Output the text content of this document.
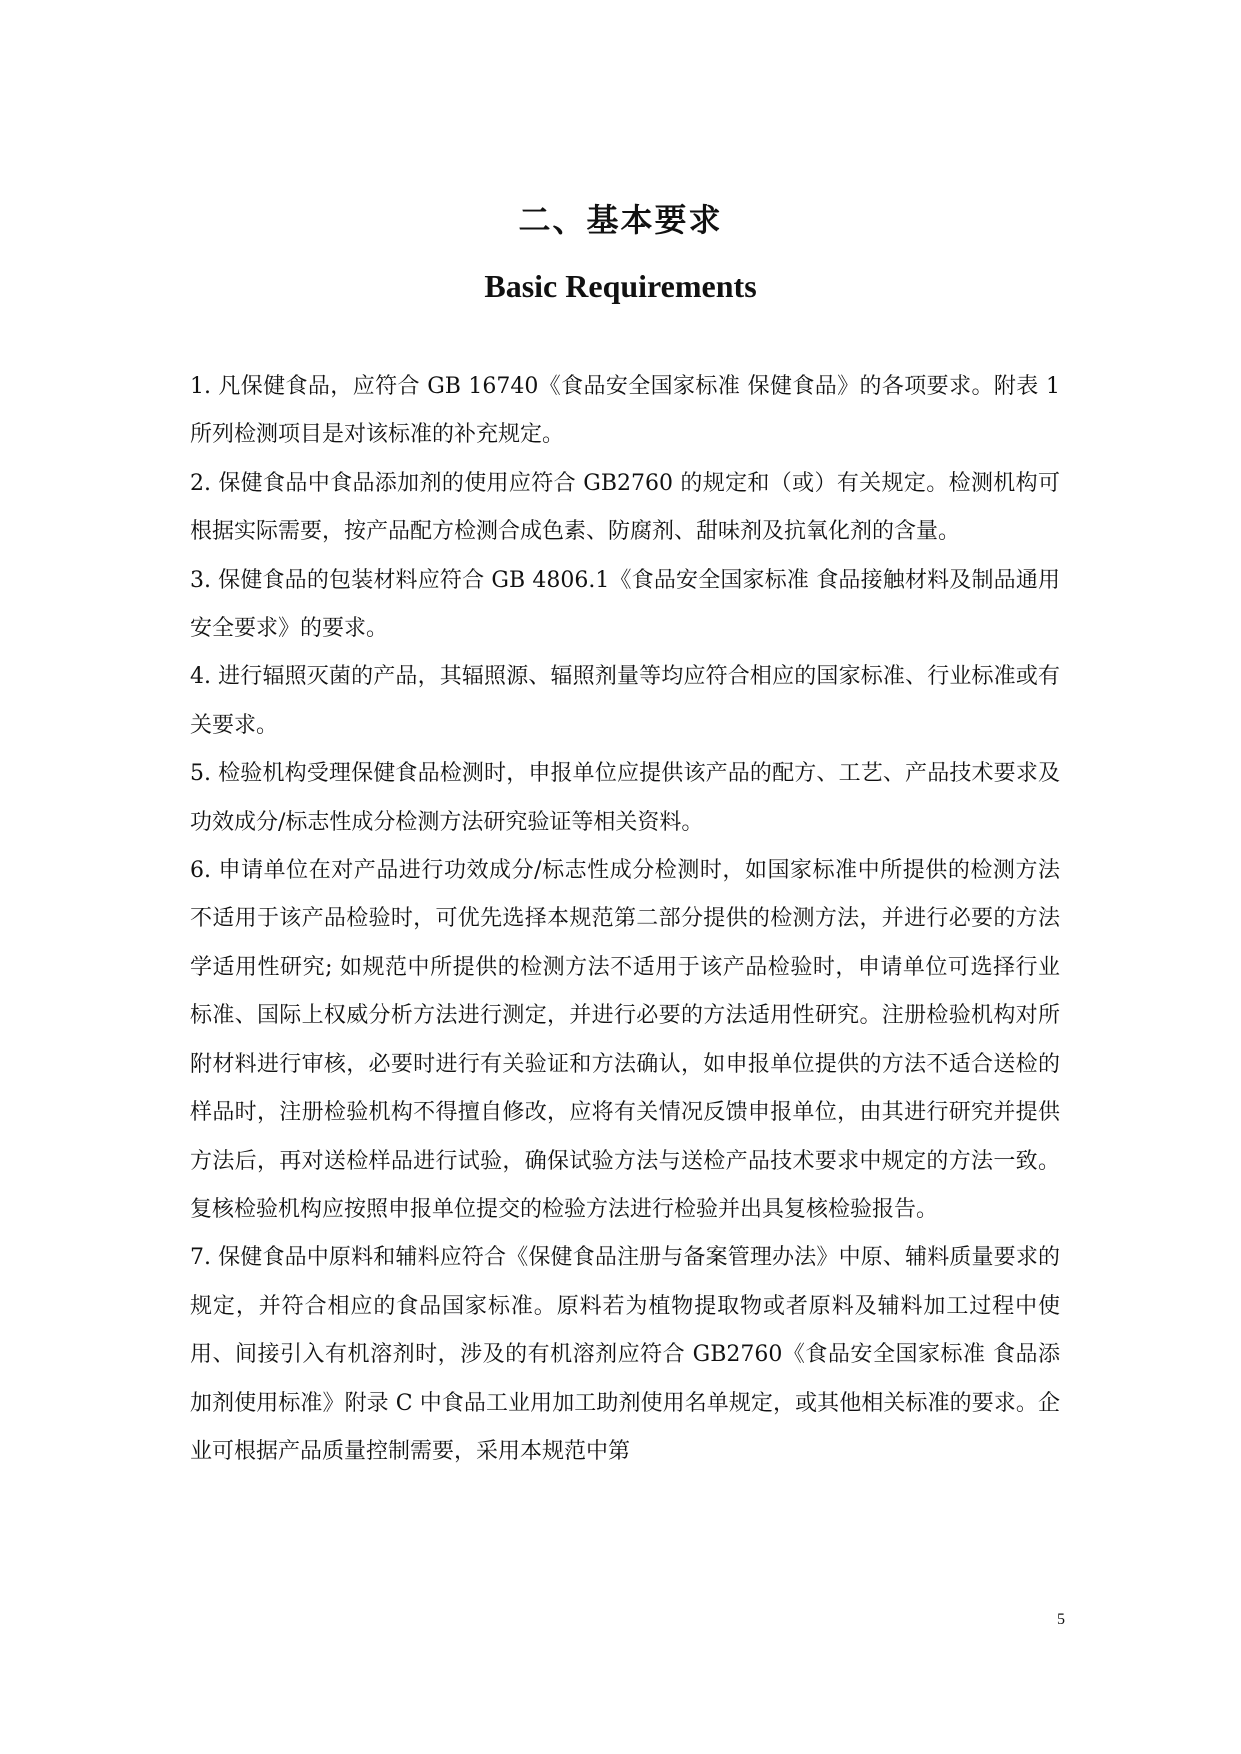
二、基本要求
Basic Requirements

1. 凡保健食品，应符合 GB 16740《食品安全国家标准 保健食品》的各项要求。附表 1 所列检测项目是对该标准的补充规定。

2. 保健食品中食品添加剂的使用应符合 GB2760 的规定和（或）有关规定。检测机构可根据实际需要，按产品配方检测合成色素、防腐剂、甜味剂及抗氧化剂的含量。

3. 保健食品的包装材料应符合 GB 4806.1《食品安全国家标准 食品接触材料及制品通用安全要求》的要求。

4. 进行辐照灭菌的产品，其辐照源、辐照剂量等均应符合相应的国家标准、行业标准或有关要求。

5. 检验机构受理保健食品检测时，申报单位应提供该产品的配方、工艺、产品技术要求及功效成分/标志性成分检测方法研究验证等相关资料。

6. 申请单位在对产品进行功效成分/标志性成分检测时，如国家标准中所提供的检测方法不适用于该产品检验时，可优先选择本规范第二部分提供的检测方法，并进行必要的方法学适用性研究; 如规范中所提供的检测方法不适用于该产品检验时，申请单位可选择行业标准、国际上权威分析方法进行测定，并进行必要的方法适用性研究。注册检验机构对所附材料进行审核，必要时进行有关验证和方法确认，如申报单位提供的方法不适合送检的样品时，注册检验机构不得擅自修改，应将有关情况反馈申报单位，由其进行研究并提供方法后，再对送检样品进行试验，确保试验方法与送检产品技术要求中规定的方法一致。复核检验机构应按照申报单位提交的检验方法进行检验并出具复核检验报告。

7. 保健食品中原料和辅料应符合《保健食品注册与备案管理办法》中原、辅料质量要求的规定，并符合相应的食品国家标准。原料若为植物提取物或者原料及辅料加工过程中使用、间接引入有机溶剂时，涉及的有机溶剂应符合 GB2760《食品安全国家标准 食品添加剂使用标准》附录 C 中食品工业用加工助剂使用名单规定，或其他相关标准的要求。企业可根据产品质量控制需要，采用本规范中第

5
